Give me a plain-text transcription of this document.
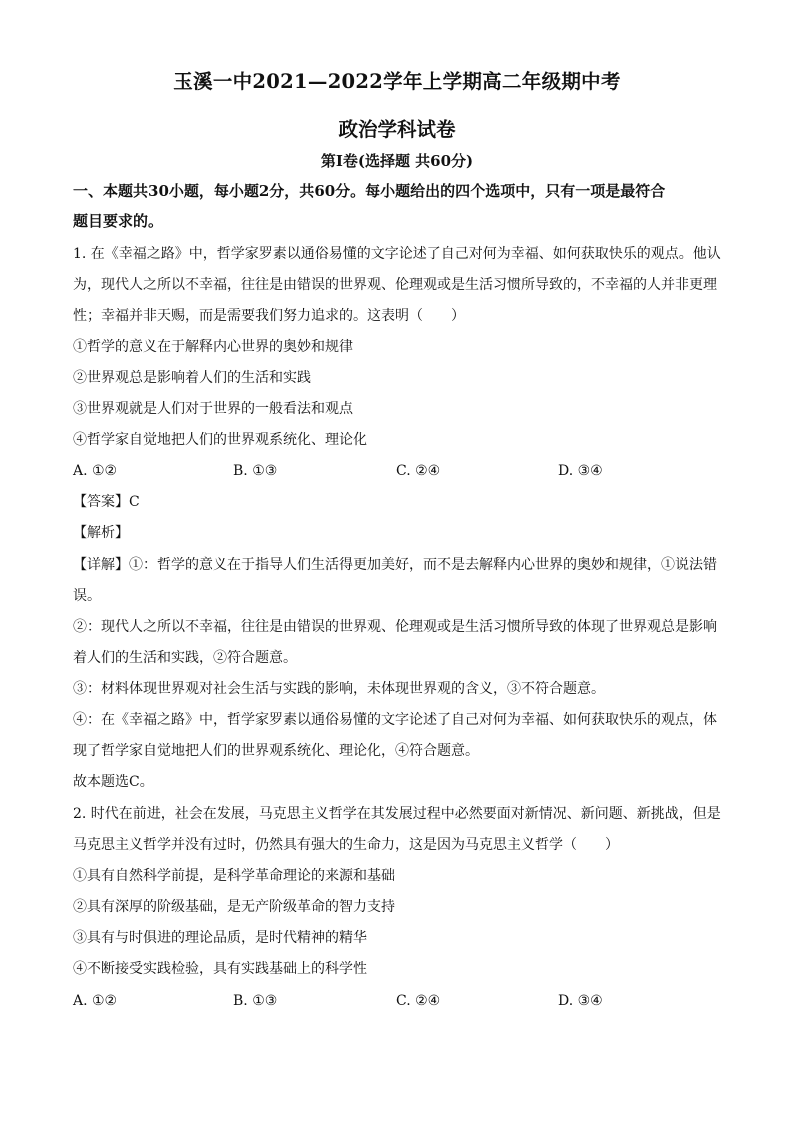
玉溪一中2021—2022学年上学期高二年级期中考
政治学科试卷
第Ⅰ卷(选择题 共60分)
一、本题共30小题，每小题2分，共60分。每小题给出的四个选项中，只有一项是最符合
题目要求的。
1. 在《幸福之路》中，哲学家罗素以通俗易懂的文字论述了自己对何为幸福、如何获取快乐的观点。他认
为，现代人之所以不幸福，往往是由错误的世界观、伦理观或是生活习惯所导致的，不幸福的人并非更理
性；幸福并非天赐，而是需要我们努力追求的。这表明（　　）
①哲学的意义在于解释内心世界的奥妙和规律
②世界观总是影响着人们的生活和实践
③世界观就是人们对于世界的一般看法和观点
④哲学家自觉地把人们的世界观系统化、理论化
A. ①②	B. ①③	C. ②④	D. ③④
【答案】C
【解析】
【详解】①：哲学的意义在于指导人们生活得更加美好，而不是去解释内心世界的奥妙和规律，①说法错
误。
②：现代人之所以不幸福，往往是由错误的世界观、伦理观或是生活习惯所导致的体现了世界观总是影响
着人们的生活和实践，②符合题意。
③：材料体现世界观对社会生活与实践的影响，未体现世界观的含义，③不符合题意。
④：在《幸福之路》中，哲学家罗素以通俗易懂的文字论述了自己对何为幸福、如何获取快乐的观点，体
现了哲学家自觉地把人们的世界观系统化、理论化，④符合题意。
故本题选C。
2. 时代在前进，社会在发展，马克思主义哲学在其发展过程中必然要面对新情况、新问题、新挑战，但是
马克思主义哲学并没有过时，仍然具有强大的生命力，这是因为马克思主义哲学（　　）
①具有自然科学前提，是科学革命理论的来源和基础
②具有深厚的阶级基础，是无产阶级革命的智力支持
③具有与时俱进的理论品质，是时代精神的精华
④不断接受实践检验，具有实践基础上的科学性
A. ①②	B. ①③	C. ②④	D. ③④
